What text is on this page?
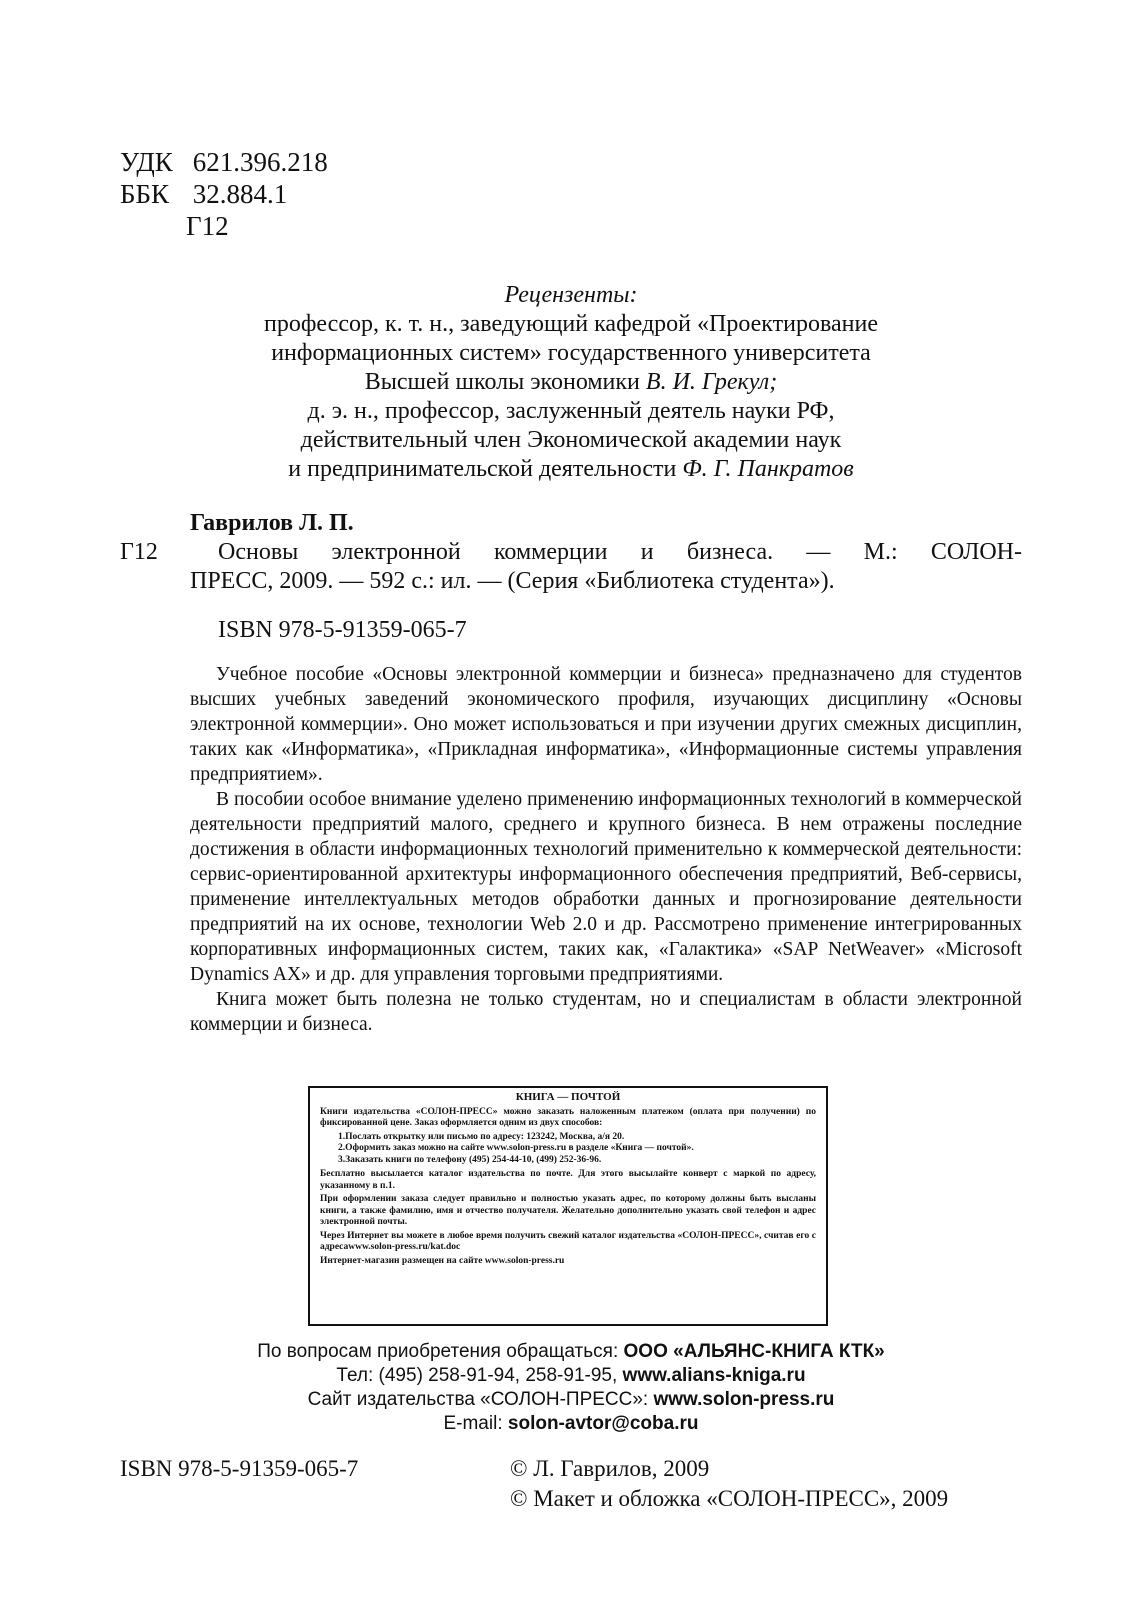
УДК 621.396.218
ББК 32.884.1
Г12
Рецензенты:
профессор, к. т. н., заведующий кафедрой «Проектирование
информационных систем» государственного университета
Высшей школы экономики В. И. Грекул;
д. э. н., профессор, заслуженный деятель науки РФ,
действительный член Экономической академии наук
и предпринимательской деятельности Ф. Г. Панкратов
Гаврилов Л. П.
Г12	Основы электронной коммерции и бизнеса. — М.: СОЛОН-
ПРЕСС, 2009. — 592 с.: ил. — (Серия «Библиотека студента»).
ISBN 978-5-91359-065-7

Учебное пособие «Основы электронной коммерции и бизнеса» предназначено для студентов высших учебных заведений экономического профиля, изучающих дисциплину «Основы электронной коммерции». Оно может использоваться и при изучении других смежных дисциплин, таких как «Информатика», «Прикладная информатика», «Информационные системы управления предприятием».

В пособии особое внимание уделено применению информационных технологий в коммерческой деятельности предприятий малого, среднего и крупного бизнеса. В нем отражены последние достижения в области информационных технологий применительно к коммерческой деятельности: сервис-ориентированной архитектуры информационного обеспечения предприятий, Веб-сервисы, применение интеллектуальных методов обработки данных и прогнозирование деятельности предприятий на их основе, технологии Web 2.0 и др. Рассмотрено применение интегрированных корпоративных информационных систем, таких как, «Галактика» «SAP NetWeaver» «Microsoft Dynamics AX» и др. для управления торговыми предприятиями.

Книга может быть полезна не только студентам, но и специалистам в области электронной коммерции и бизнеса.

КНИГА — ПОЧТОЙ

Книги издательства «СОЛОН-ПРЕСС» можно заказать наложенным платежом (оплата при получении) по фиксированной цене. Заказ оформляется одним из двух способов:

1.Послать открытку или письмо по адресу: 123242, Москва, а/я 20.
2.Оформить заказ можно на сайте www.solon-press.ru в разделе «Книга — почтой».
3.Заказать книги по телефону (495) 254-44-10, (499) 252-36-96.

Бесплатно высылается каталог издательства по почте. Для этого высылайте конверт с маркой по адресу, указанному в п.1.

При оформлении заказа следует правильно и полностью указать адрес, по которому должны быть высланы книги, а также фамилию, имя и отчество получателя. Желательно дополнительно указать свой телефон и адрес электронной почты.

Через Интернет вы можете в любое время получить свежий каталог издательства «СОЛОН-ПРЕСС», считав его с адресаwww.solon-press.ru/kat.doc

Интернет-магазин размещен на сайте www.solon-press.ru

По вопросам приобретения обращаться: ООО «АЛЬЯНС-КНИГА КТК»
Тел: (495) 258-91-94, 258-91-95, www.alians-kniga.ru
Сайт издательства «СОЛОН-ПРЕСС»: www.solon-press.ru
E-mail: solon-avtor@coba.ru
ISBN 978-5-91359-065-7	© Л. Гаврилов, 2009
© Макет и обложка «СОЛОН-ПРЕСС», 2009
